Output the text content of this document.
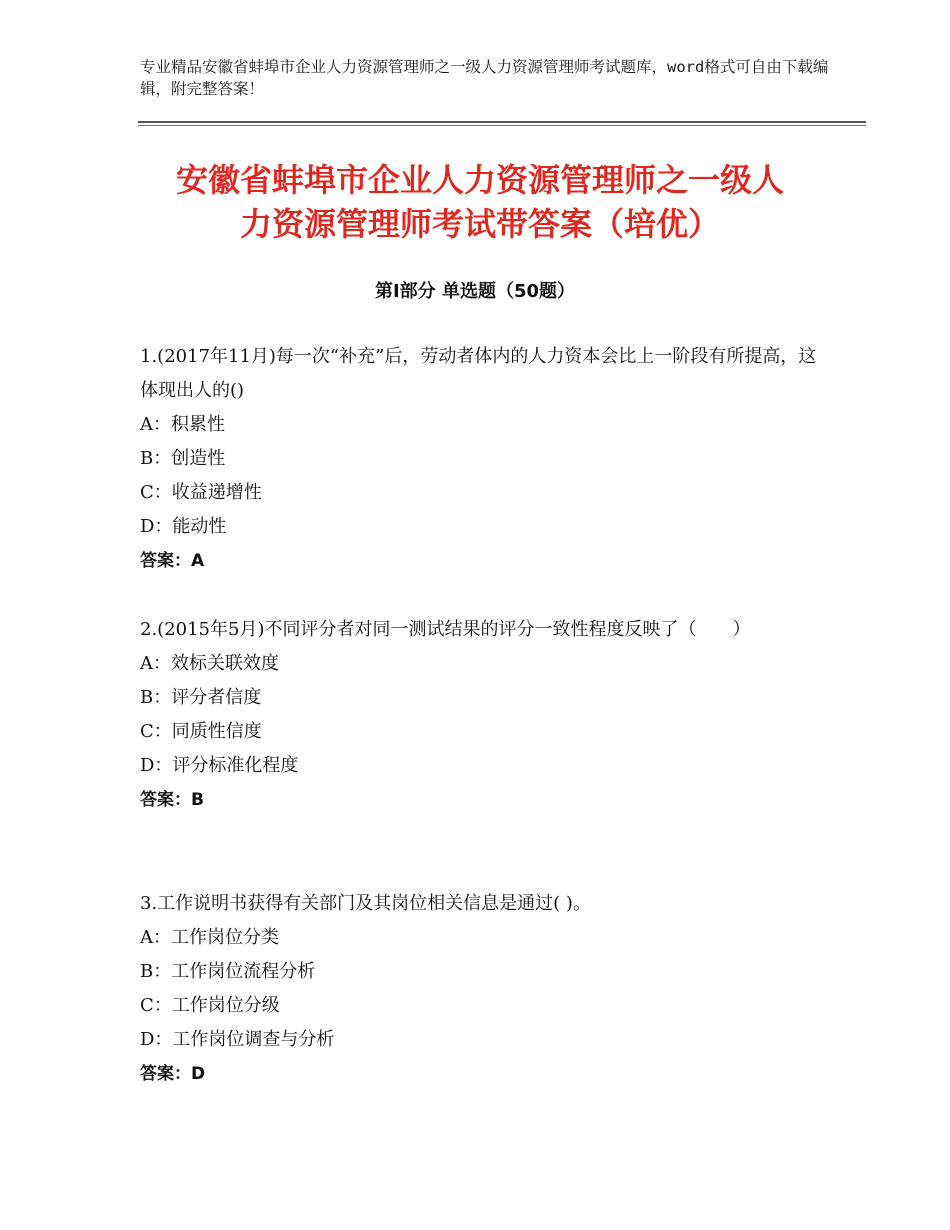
专业精品安徽省蚌埠市企业人力资源管理师之一级人力资源管理师考试题库，word格式可自由下载编辑，附完整答案！
安徽省蚌埠市企业人力资源管理师之一级人
力资源管理师考试带答案（培优）
第Ⅰ部分 单选题（50题）

1.(2017年11月)每一次“补充”后，劳动者体内的人力资本会比上一阶段有所提高，这体现出人的()

A：积累性

B：创造性

C：收益递增性

D：能动性

答案：A

2.(2015年5月)不同评分者对同一测试结果的评分一致性程度反映了（　　）

A：效标关联效度

B：评分者信度

C：同质性信度

D：评分标准化程度

答案：B

3.工作说明书获得有关部门及其岗位相关信息是通过( )。

A：工作岗位分类

B：工作岗位流程分析

C：工作岗位分级

D：工作岗位调查与分析

答案：D
